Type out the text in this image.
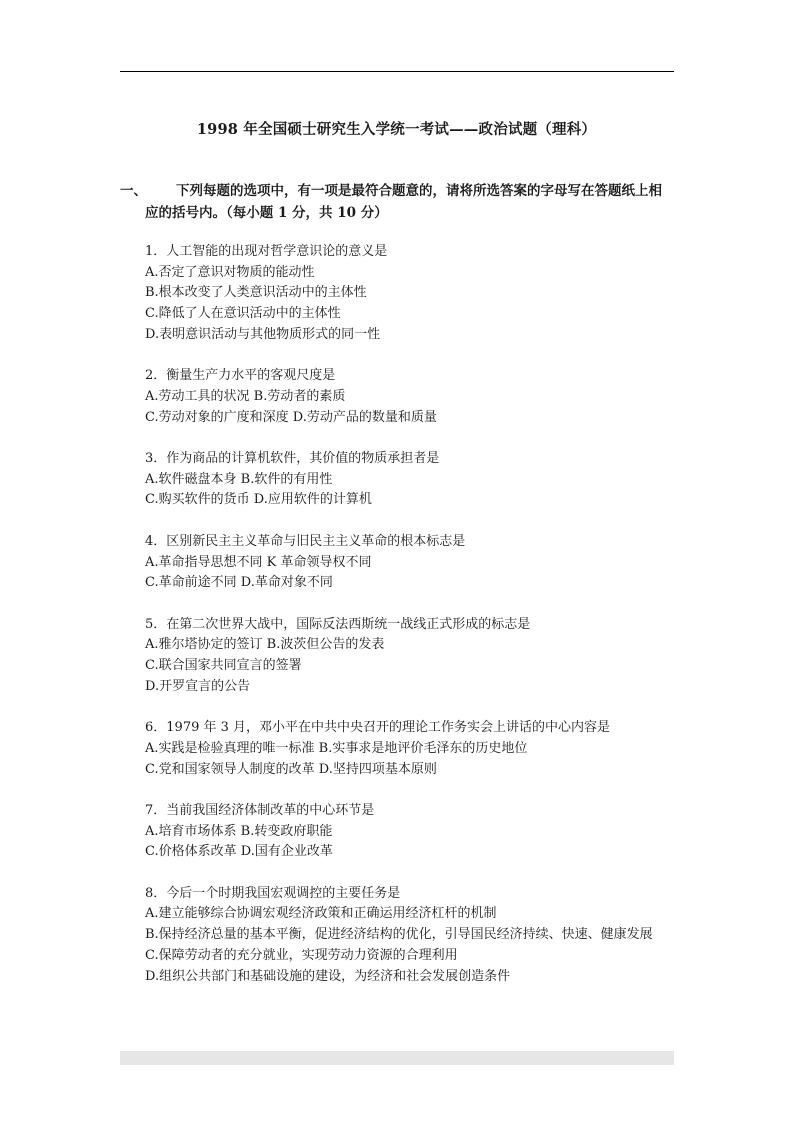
1998 年全国硕士研究生入学统一考试——政治试题（理科）
一、	下列每题的选项中，有一项是最符合题意的，请将所选答案的字母写在答题纸上相应的括号内。（每小题 1 分，共 10 分）
1．人工智能的出现对哲学意识论的意义是
A.否定了意识对物质的能动性
B.根本改变了人类意识活动中的主体性
C.降低了人在意识活动中的主体性
D.表明意识活动与其他物质形式的同一性
2．衡量生产力水平的客观尺度是
A.劳动工具的状况 B.劳动者的素质
C.劳动对象的广度和深度 D.劳动产品的数量和质量
3．作为商品的计算机软件，其价值的物质承担者是
A.软件磁盘本身 B.软件的有用性
C.购买软件的货币 D.应用软件的计算机
4．区别新民主主义革命与旧民主主义革命的根本标志是
A.革命指导思想不同 K 革命领导权不同
C.革命前途不同 D.革命对象不同
5．在第二次世界大战中，国际反法西斯统一战线正式形成的标志是
A.雅尔塔协定的签订 B.波茨但公告的发表
C.联合国家共同宣言的签署
D.开罗宣言的公告
6．1979 年 3 月，邓小平在中共中央召开的理论工作务实会上讲话的中心内容是
A.实践是检验真理的唯一标准 B.实事求是地评价毛泽东的历史地位
C.党和国家领导人制度的改革 D.坚持四项基本原则
7．当前我国经济体制改革的中心环节是
A.培育市场体系 B.转变政府职能
C.价格体系改革 D.国有企业改革
8．今后一个时期我国宏观调控的主要任务是
A.建立能够综合协调宏观经济政策和正确运用经济杠杆的机制
B.保持经济总量的基本平衡，促进经济结构的优化，引导国民经济持续、快速、健康发展
C.保障劳动者的充分就业，实现劳动力资源的合理利用
D.组织公共部门和基础设施的建设，为经济和社会发展创造条件
